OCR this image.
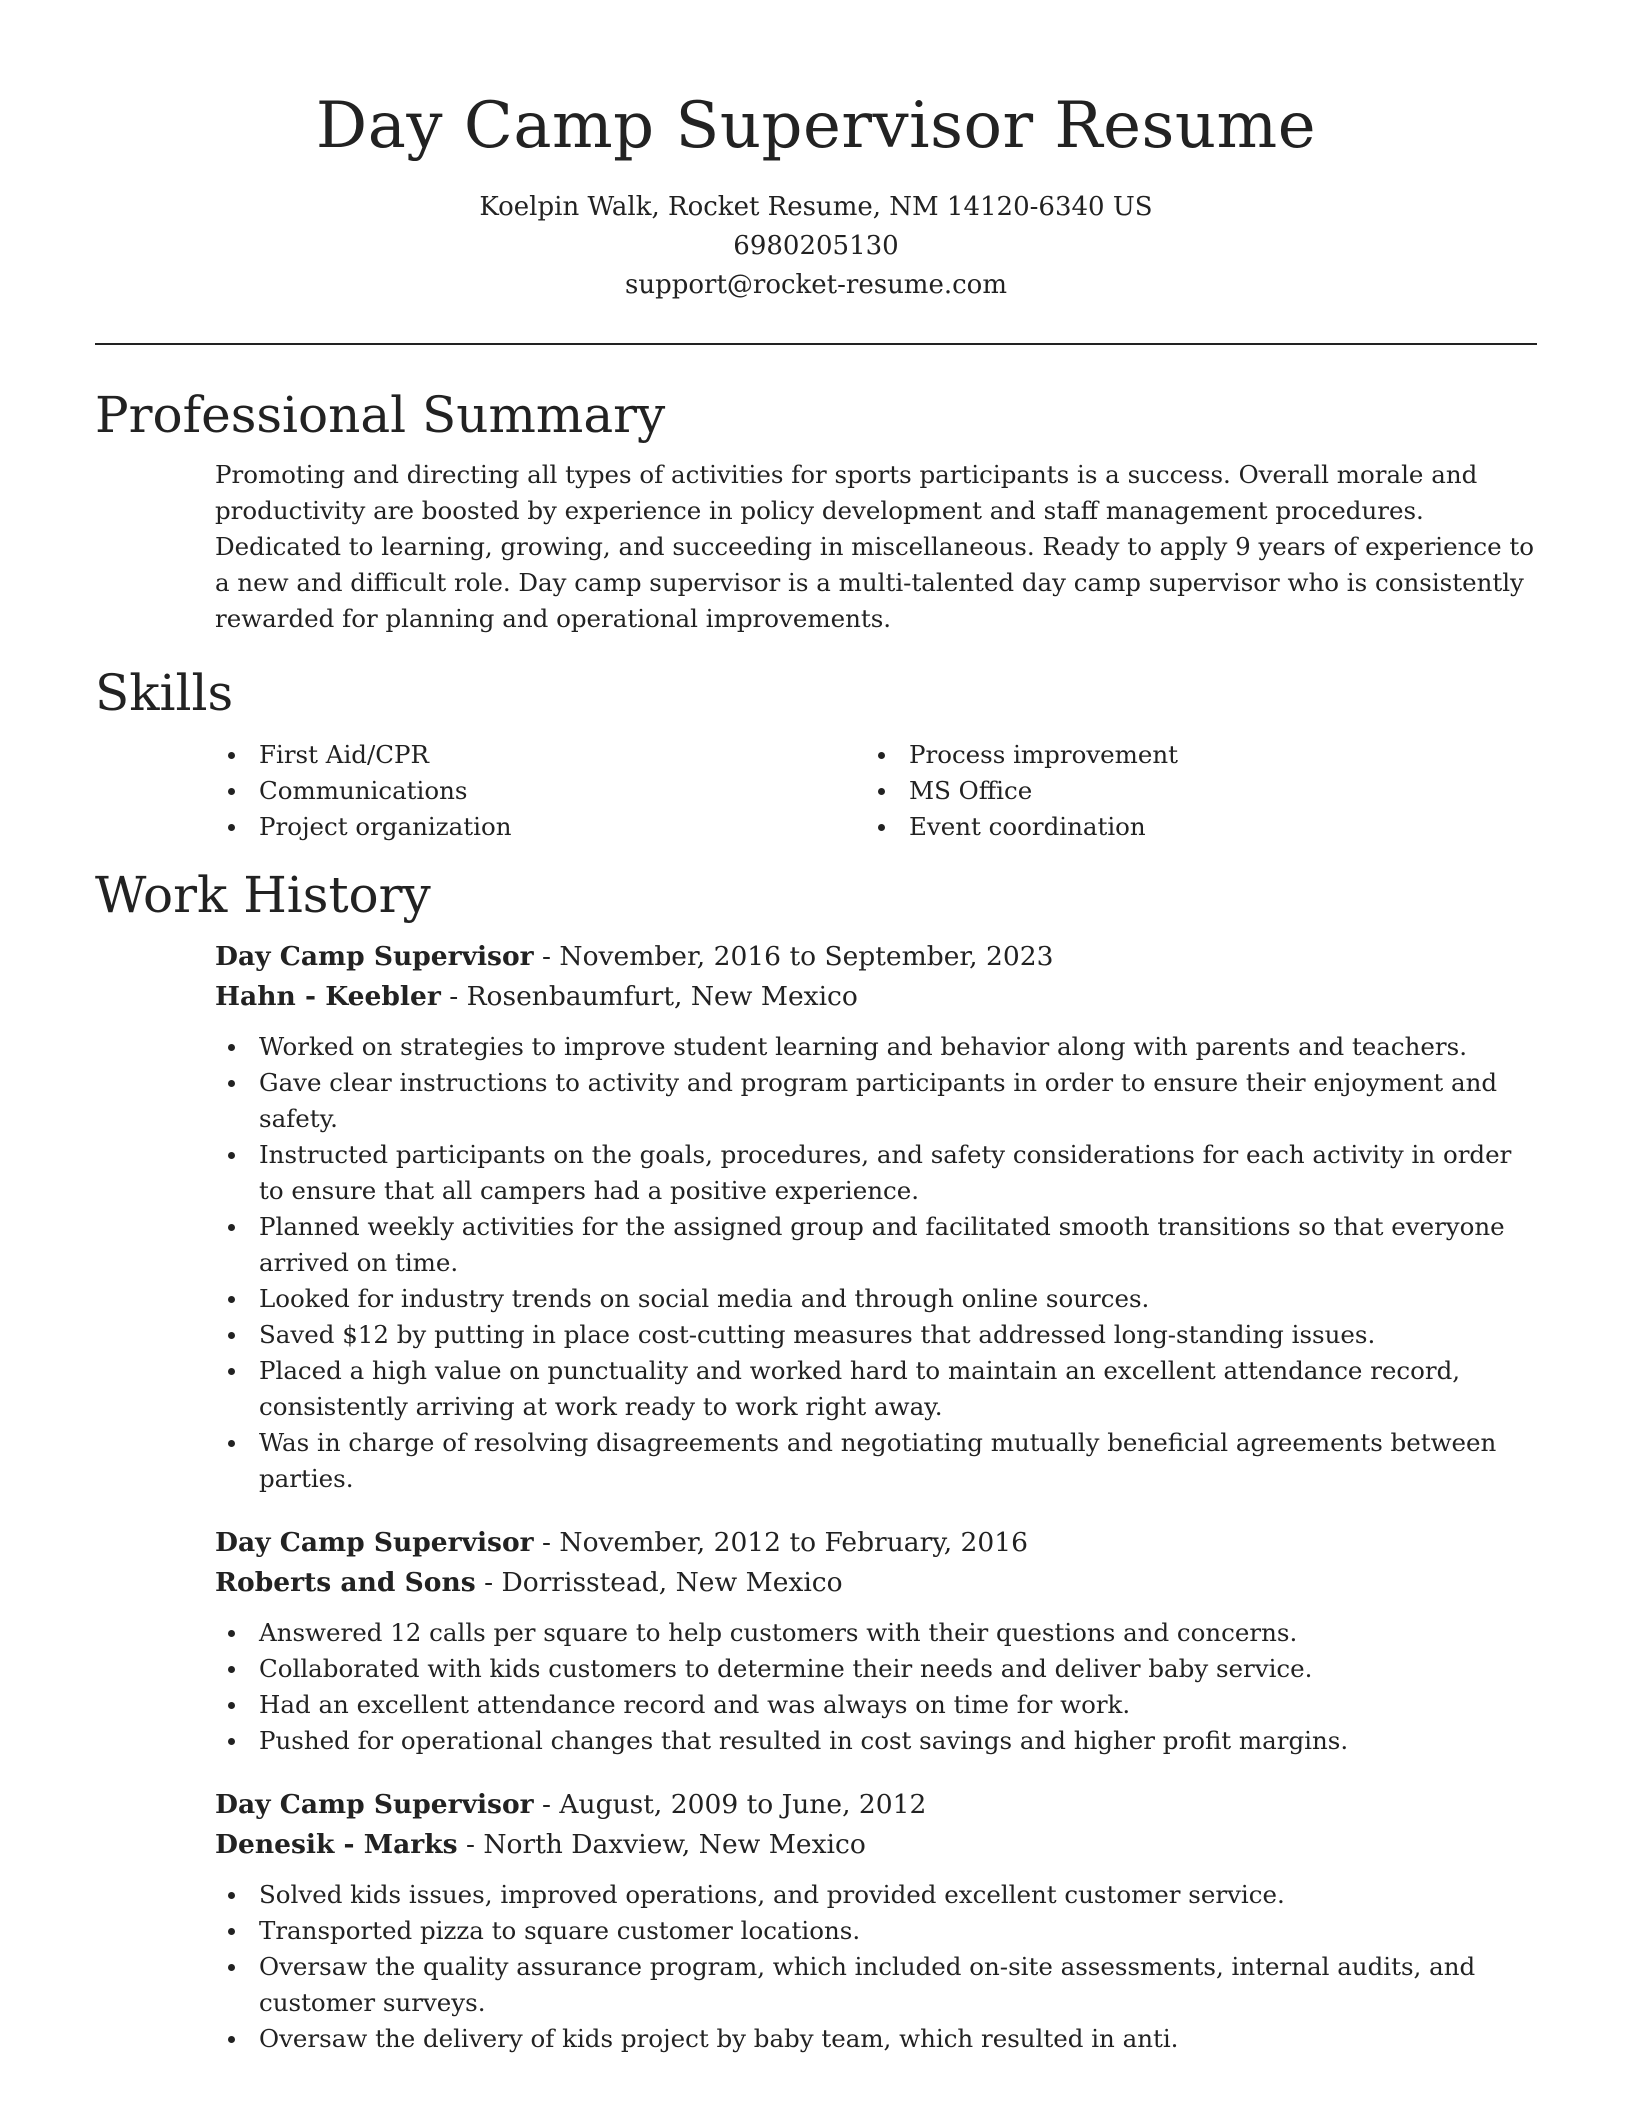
Day Camp Supervisor Resume
Koelpin Walk, Rocket Resume, NM 14120-6340 US
6980205130
support@rocket-resume.com
Professional Summary

Promoting and directing all types of activities for sports participants is a success. Overall morale and productivity are boosted by experience in policy development and staff management procedures. Dedicated to learning, growing, and succeeding in miscellaneous. Ready to apply 9 years of experience to a new and difficult role. Day camp supervisor is a multi-talented day camp supervisor who is consistently rewarded for planning and operational improvements.

Skills
First Aid/CPR
Communications
Project organization
Process improvement
MS Office
Event coordination
Work History
Day Camp Supervisor - November, 2016 to September, 2023
Hahn - Keebler - Rosenbaumfurt, New Mexico
Worked on strategies to improve student learning and behavior along with parents and teachers.
Gave clear instructions to activity and program participants in order to ensure their enjoyment and safety.
Instructed participants on the goals, procedures, and safety considerations for each activity in order to ensure that all campers had a positive experience.
Planned weekly activities for the assigned group and facilitated smooth transitions so that everyone arrived on time.
Looked for industry trends on social media and through online sources.
Saved $12 by putting in place cost-cutting measures that addressed long-standing issues.
Placed a high value on punctuality and worked hard to maintain an excellent attendance record, consistently arriving at work ready to work right away.
Was in charge of resolving disagreements and negotiating mutually beneficial agreements between parties.
Day Camp Supervisor - November, 2012 to February, 2016
Roberts and Sons - Dorrisstead, New Mexico
Answered 12 calls per square to help customers with their questions and concerns.
Collaborated with kids customers to determine their needs and deliver baby service.
Had an excellent attendance record and was always on time for work.
Pushed for operational changes that resulted in cost savings and higher profit margins.
Day Camp Supervisor - August, 2009 to June, 2012
Denesik - Marks - North Daxview, New Mexico
Solved kids issues, improved operations, and provided excellent customer service.
Transported pizza to square customer locations.
Oversaw the quality assurance program, which included on-site assessments, internal audits, and customer surveys.
Oversaw the delivery of kids project by baby team, which resulted in anti.
